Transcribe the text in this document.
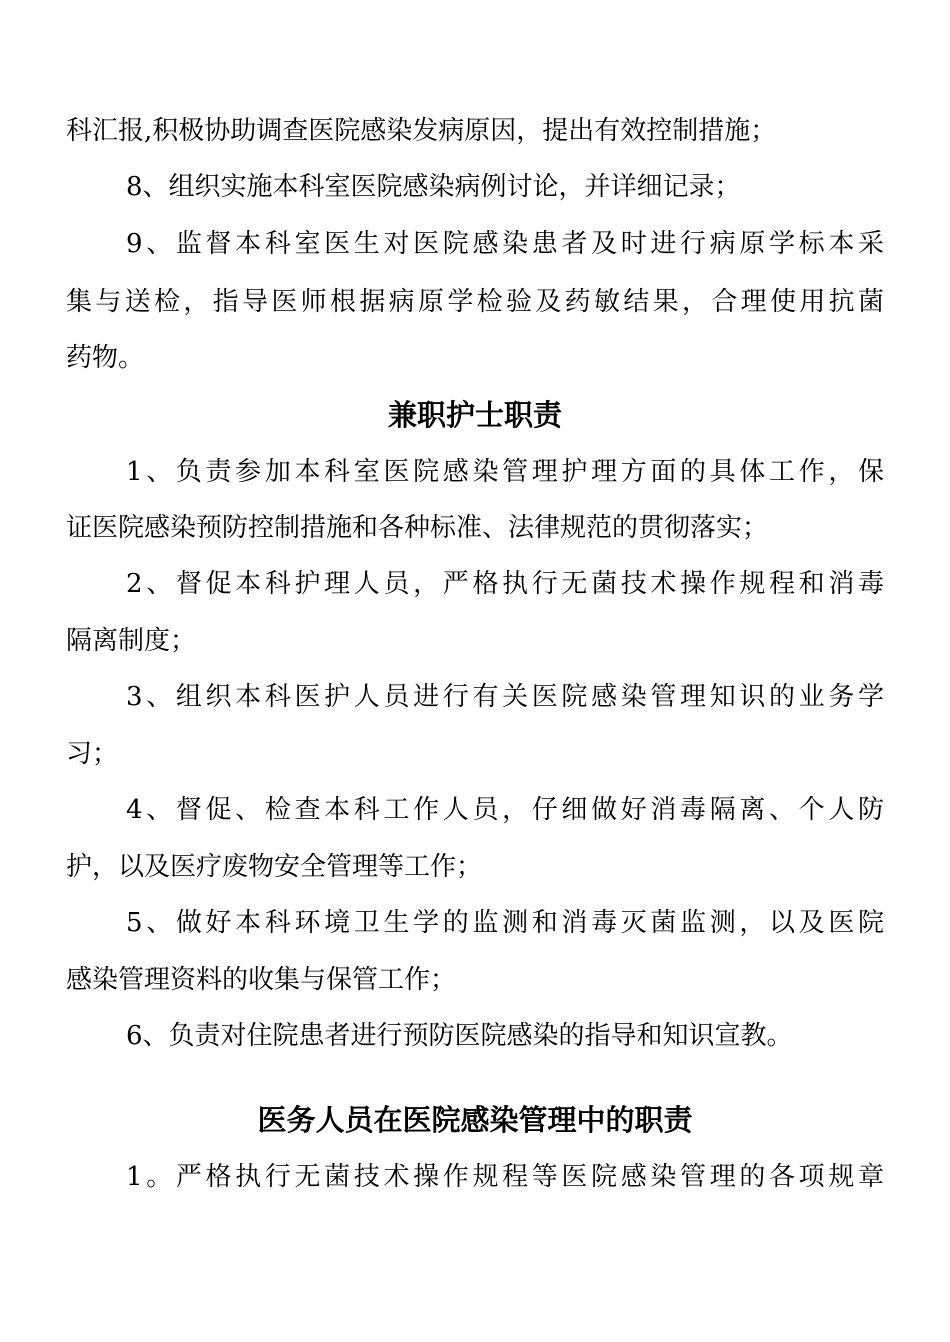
科汇报,积极协助调查医院感染发病原因，提出有效控制措施；
8、组织实施本科室医院感染病例讨论，并详细记录；
9、监督本科室医生对医院感染患者及时进行病原学标本采
集与送检，指导医师根据病原学检验及药敏结果，合理使用抗菌
药物。
兼职护士职责
1、负责参加本科室医院感染管理护理方面的具体工作，保
证医院感染预防控制措施和各种标准、法律规范的贯彻落实；
2、督促本科护理人员，严格执行无菌技术操作规程和消毒
隔离制度；
3、组织本科医护人员进行有关医院感染管理知识的业务学
习；
4、督促、检查本科工作人员，仔细做好消毒隔离、个人防
护，以及医疗废物安全管理等工作；
5、做好本科环境卫生学的监测和消毒灭菌监测，以及医院
感染管理资料的收集与保管工作；
6、负责对住院患者进行预防医院感染的指导和知识宣教。
医务人员在医院感染管理中的职责
1。严格执行无菌技术操作规程等医院感染管理的各项规章
